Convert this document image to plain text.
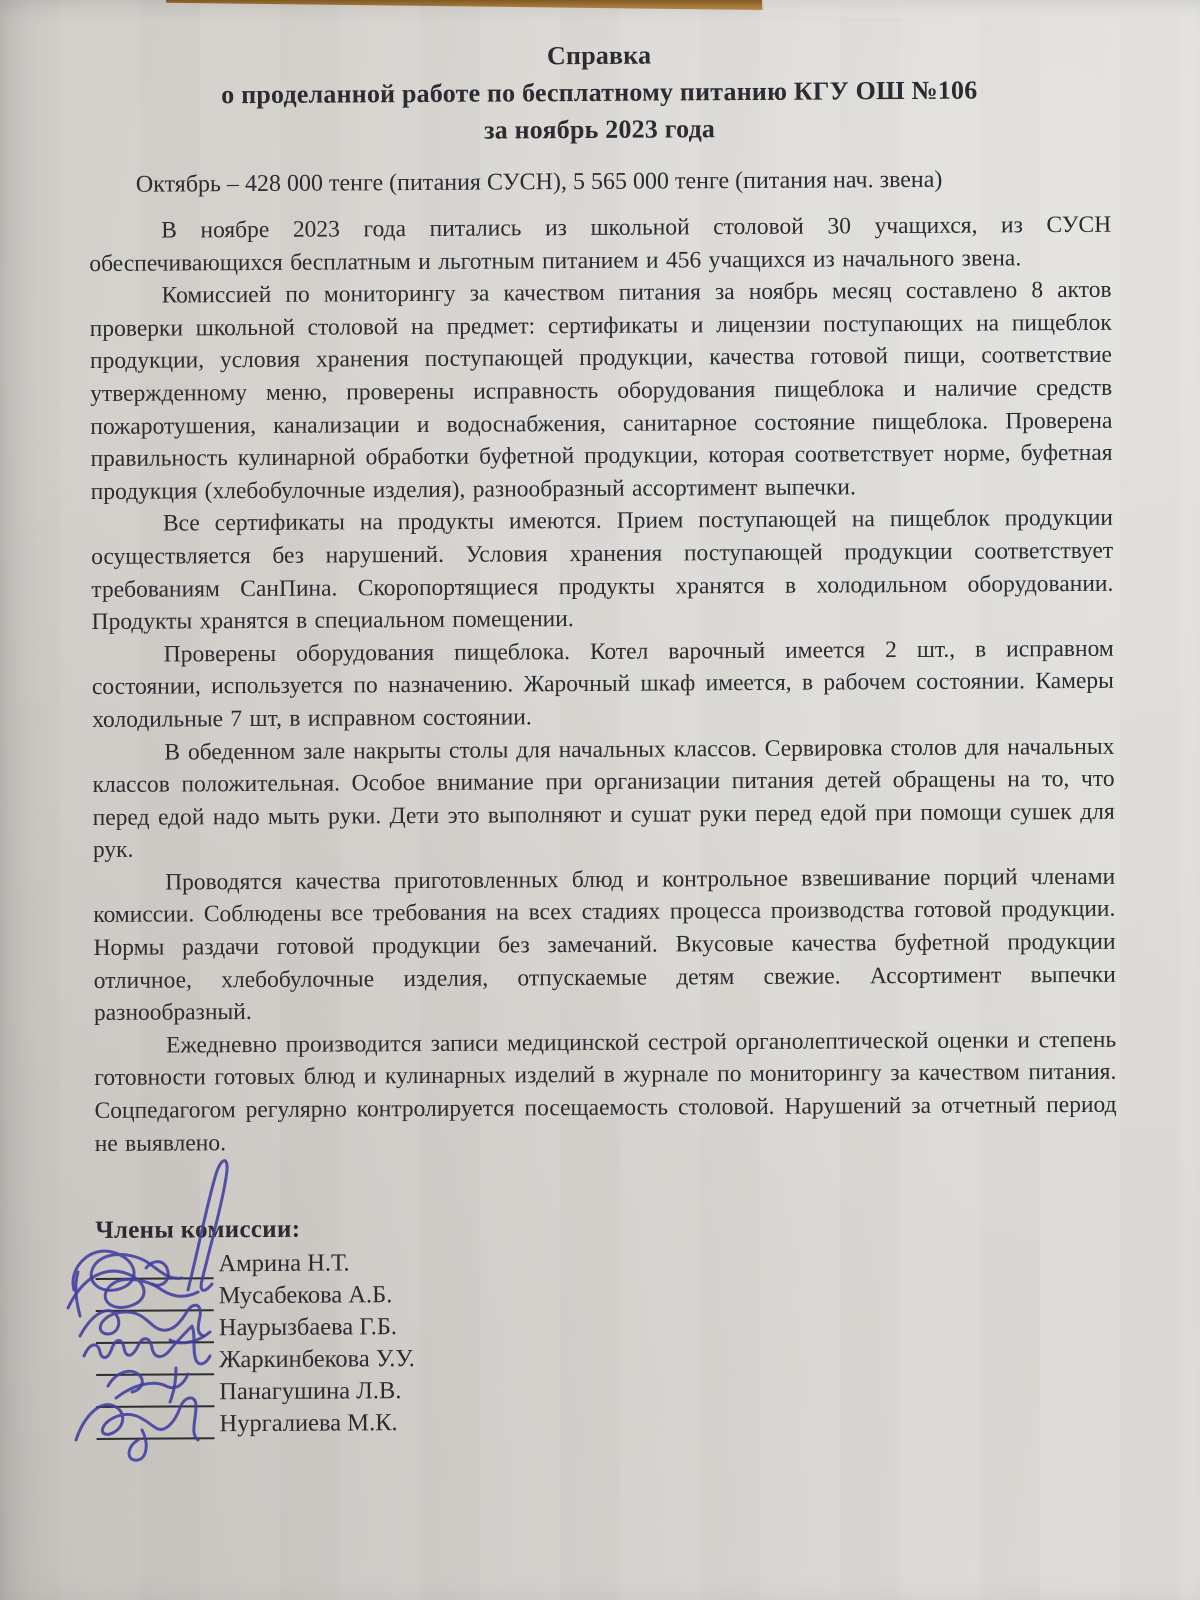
Справка
о проделанной работе по бесплатному питанию КГУ ОШ №106
за ноябрь 2023 года

Октябрь – 428 000 тенге (питания СУСН), 5 565 000 тенге (питания нач. звена)

В ноябре 2023 года питались из школьной столовой 30 учащихся, из СУСН обеспечивающихся бесплатным и льготным питанием и 456 учащихся из начального звена.

Комиссией по мониторингу за качеством питания за ноябрь месяц составлено 8 актов проверки школьной столовой на предмет: сертификаты и лицензии поступающих на пищеблок продукции, условия хранения поступающей продукции, качества готовой пищи, соответствие утвержденному меню, проверены исправность оборудования пищеблока и наличие средств пожаротушения, канализации и водоснабжения, санитарное состояние пищеблока. Проверена правильность кулинарной обработки буфетной продукции, которая соответствует норме, буфетная продукция (хлебобулочные изделия), разнообразный ассортимент выпечки.

Все сертификаты на продукты имеются. Прием поступающей на пищеблок продукции осуществляется без нарушений. Условия хранения поступающей продукции соответствует требованиям СанПина. Скоропортящиеся продукты хранятся в холодильном оборудовании. Продукты хранятся в специальном помещении.

Проверены оборудования пищеблока. Котел варочный имеется 2 шт., в исправном состоянии, используется по назначению. Жарочный шкаф имеется, в рабочем состоянии. Камеры холодильные 7 шт, в исправном состоянии.

В обеденном зале накрыты столы для начальных классов. Сервировка столов для начальных классов положительная. Особое внимание при организации питания детей обращены на то, что перед едой надо мыть руки. Дети это выполняют и сушат руки перед едой при помощи сушек для рук.

Проводятся качества приготовленных блюд и контрольное взвешивание порций членами комиссии. Соблюдены все требования на всех стадиях процесса производства готовой продукции. Нормы раздачи готовой продукции без замечаний. Вкусовые качества буфетной продукции отличное, хлебобулочные изделия, отпускаемые детям свежие. Ассортимент выпечки разнообразный.

Ежедневно производится записи медицинской сестрой органолептической оценки и степень готовности готовых блюд и кулинарных изделий в журнале по мониторингу за качеством питания. Соцпедагогом регулярно контролируется посещаемость столовой. Нарушений за отчетный период не выявлено.

Члены комиссии:
Амрина Н.Т.
Мусабекова А.Б.
Наурызбаева Г.Б.
Жаркинбекова У.У.
Панагушина Л.В.
Нургалиева М.К.
